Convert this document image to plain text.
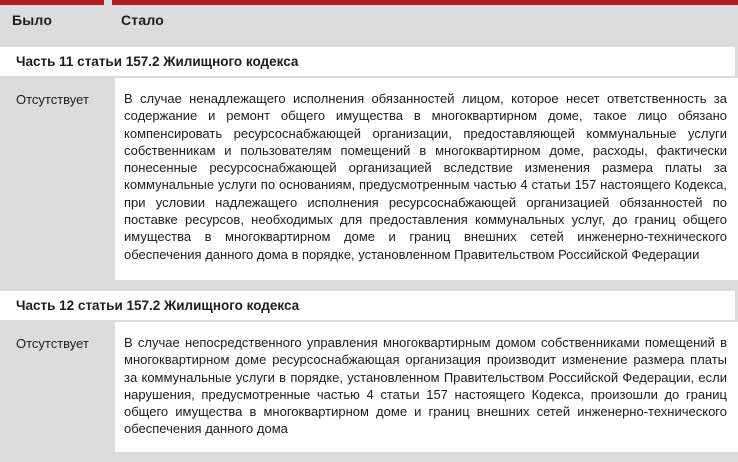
Было	Стало
Часть 11 статьи 157.2 Жилищного кодекса
Отсутствует	В случае ненадлежащего исполнения обязанностей лицом, которое несет ответственность за содержание и ремонт общего имущества в многоквартирном доме, такое лицо обязано компенсировать ресурсоснабжающей организации, предоставляющей коммунальные услуги собственникам и пользователям помещений в многоквартирном доме, расходы, фактически понесенные ресурсоснабжающей организацией вследствие изменения размера платы за коммунальные услуги по основаниям, предусмотренным частью 4 статьи 157 настоящего Кодекса, при условии надлежащего исполнения ресурсоснабжающей организацией обязанностей по поставке ресурсов, необходимых для предоставления коммунальных услуг, до границ общего имущества в многоквартирном доме и границ внешних сетей инженерно-технического обеспечения данного дома в порядке, установленном Правительством Российской Федерации

Часть 12 статьи 157.2 Жилищного кодекса
Отсутствует	В случае непосредственного управления многоквартирным домом собственниками помещений в многоквартирном доме ресурсоснабжающая организация производит изменение размера платы за коммунальные услуги в порядке, установленном Правительством Российской Федерации, если нарушения, предусмотренные частью 4 статьи 157 настоящего Кодекса, произошли до границ общего имущества в многоквартирном доме и границ внешних сетей инженерно-технического обеспечения данного дома
